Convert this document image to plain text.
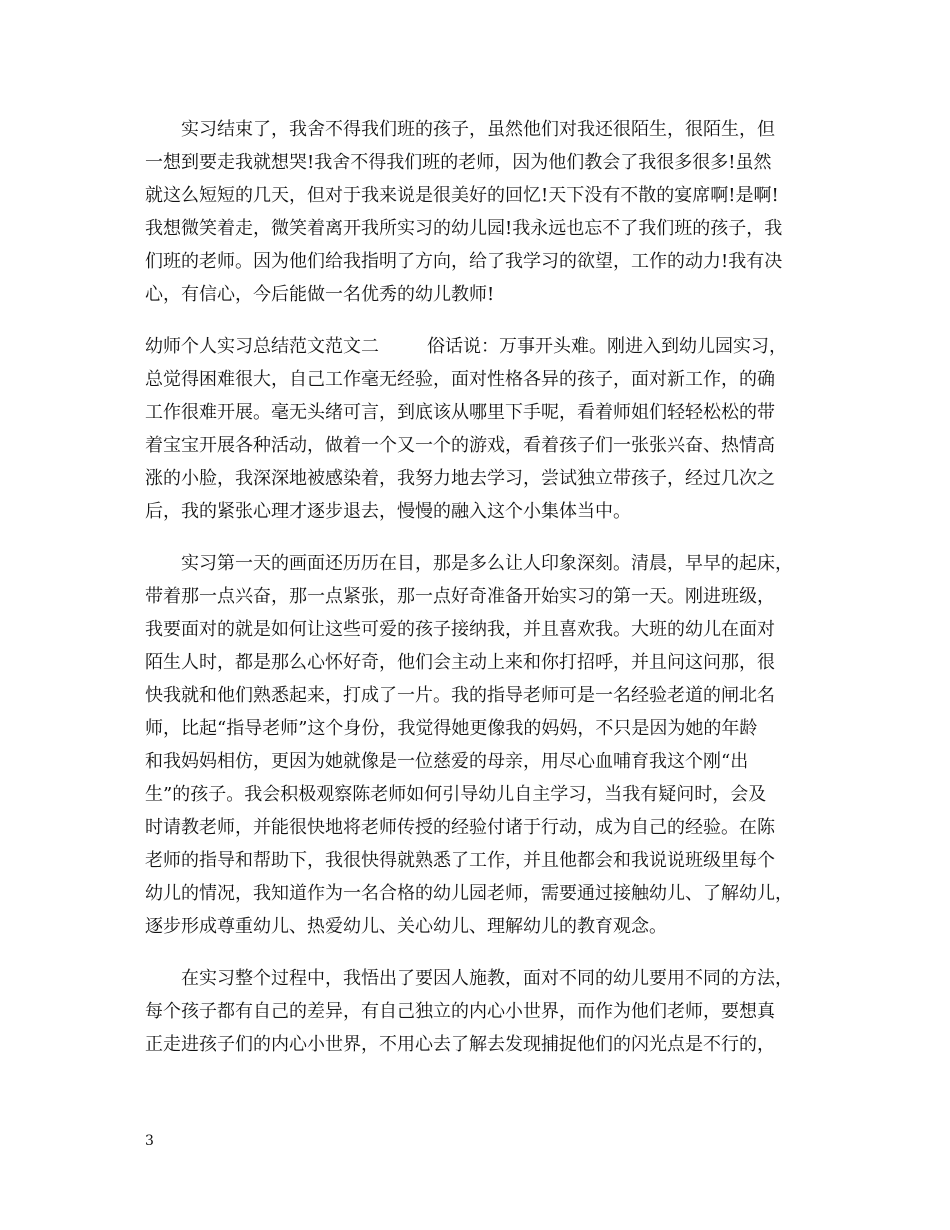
实习结束了，我舍不得我们班的孩子，虽然他们对我还很陌生，很陌生，但
一想到要走我就想哭!我舍不得我们班的老师，因为他们教会了我很多很多!虽然
就这么短短的几天，但对于我来说是很美好的回忆!天下没有不散的宴席啊!是啊!
我想微笑着走，微笑着离开我所实习的幼儿园!我永远也忘不了我们班的孩子，我
们班的老师。因为他们给我指明了方向，给了我学习的欲望，工作的动力!我有决
心，有信心，今后能做一名优秀的幼儿教师!
幼师个人实习总结范文范文二	俗话说：万事开头难。刚进入到幼儿园实习，
总觉得困难很大，自己工作毫无经验，面对性格各异的孩子，面对新工作，的确
工作很难开展。毫无头绪可言，到底该从哪里下手呢，看着师姐们轻轻松松的带
着宝宝开展各种活动，做着一个又一个的游戏，看着孩子们一张张兴奋、热情高
涨的小脸，我深深地被感染着，我努力地去学习，尝试独立带孩子，经过几次之
后，我的紧张心理才逐步退去，慢慢的融入这个小集体当中。
实习第一天的画面还历历在目，那是多么让人印象深刻。清晨，早早的起床，
带着那一点兴奋，那一点紧张，那一点好奇准备开始实习的第一天。刚进班级，
我要面对的就是如何让这些可爱的孩子接纳我，并且喜欢我。大班的幼儿在面对
陌生人时，都是那么心怀好奇，他们会主动上来和你打招呼，并且问这问那，很
快我就和他们熟悉起来，打成了一片。我的指导老师可是一名经验老道的闸北名
师，比起“指导老师”这个身份，我觉得她更像我的妈妈，不只是因为她的年龄
和我妈妈相仿，更因为她就像是一位慈爱的母亲，用尽心血哺育我这个刚“出
生”的孩子。我会积极观察陈老师如何引导幼儿自主学习，当我有疑问时，会及
时请教老师，并能很快地将老师传授的经验付诸于行动，成为自己的经验。在陈
老师的指导和帮助下，我很快得就熟悉了工作，并且他都会和我说说班级里每个
幼儿的情况，我知道作为一名合格的幼儿园老师，需要通过接触幼儿、了解幼儿，
逐步形成尊重幼儿、热爱幼儿、关心幼儿、理解幼儿的教育观念。
在实习整个过程中，我悟出了要因人施教，面对不同的幼儿要用不同的方法，
每个孩子都有自己的差异，有自己独立的内心小世界，而作为他们老师，要想真
正走进孩子们的内心小世界，不用心去了解去发现捕捉他们的闪光点是不行的，
3
